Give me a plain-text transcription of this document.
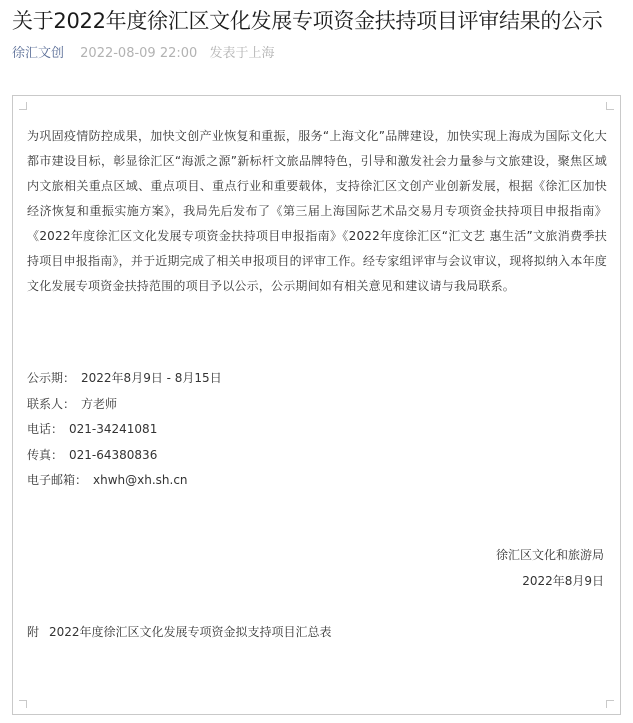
关于2022年度徐汇区文化发展专项资金扶持项目评审结果的公示
徐汇文创 2022-08-09 22:00 发表于上海
为巩固疫情防控成果，加快文创产业恢复和重振，服务“上海文化”品牌建设，加快实现上海成为国际文化大都市建设目标，彰显徐汇区“海派之源”新标杆文旅品牌特色，引导和激发社会力量参与文旅建设，聚焦区域内文旅相关重点区域、重点项目、重点行业和重要载体，支持徐汇区文创产业创新发展，根据《徐汇区加快经济恢复和重振实施方案》，我局先后发布了《第三届上海国际艺术品交易月专项资金扶持项目申报指南》《2022年度徐汇区文化发展专项资金扶持项目申报指南》《2022年度徐汇区“汇文艺 惠生活”文旅消费季扶持项目申报指南》，并于近期完成了相关申报项目的评审工作。经专家组评审与会议审议，现将拟纳入本年度文化发展专项资金扶持范围的项目予以公示，公示期间如有相关意见和建议请与我局联系。
公示期： 2022年8月9日 - 8月15日
联系人： 方老师
电话： 021-34241081
传真： 021-64380836
电子邮箱： xhwh@xh.sh.cn
徐汇区文化和旅游局
2022年8月9日
附 2022年度徐汇区文化发展专项资金拟支持项目汇总表
